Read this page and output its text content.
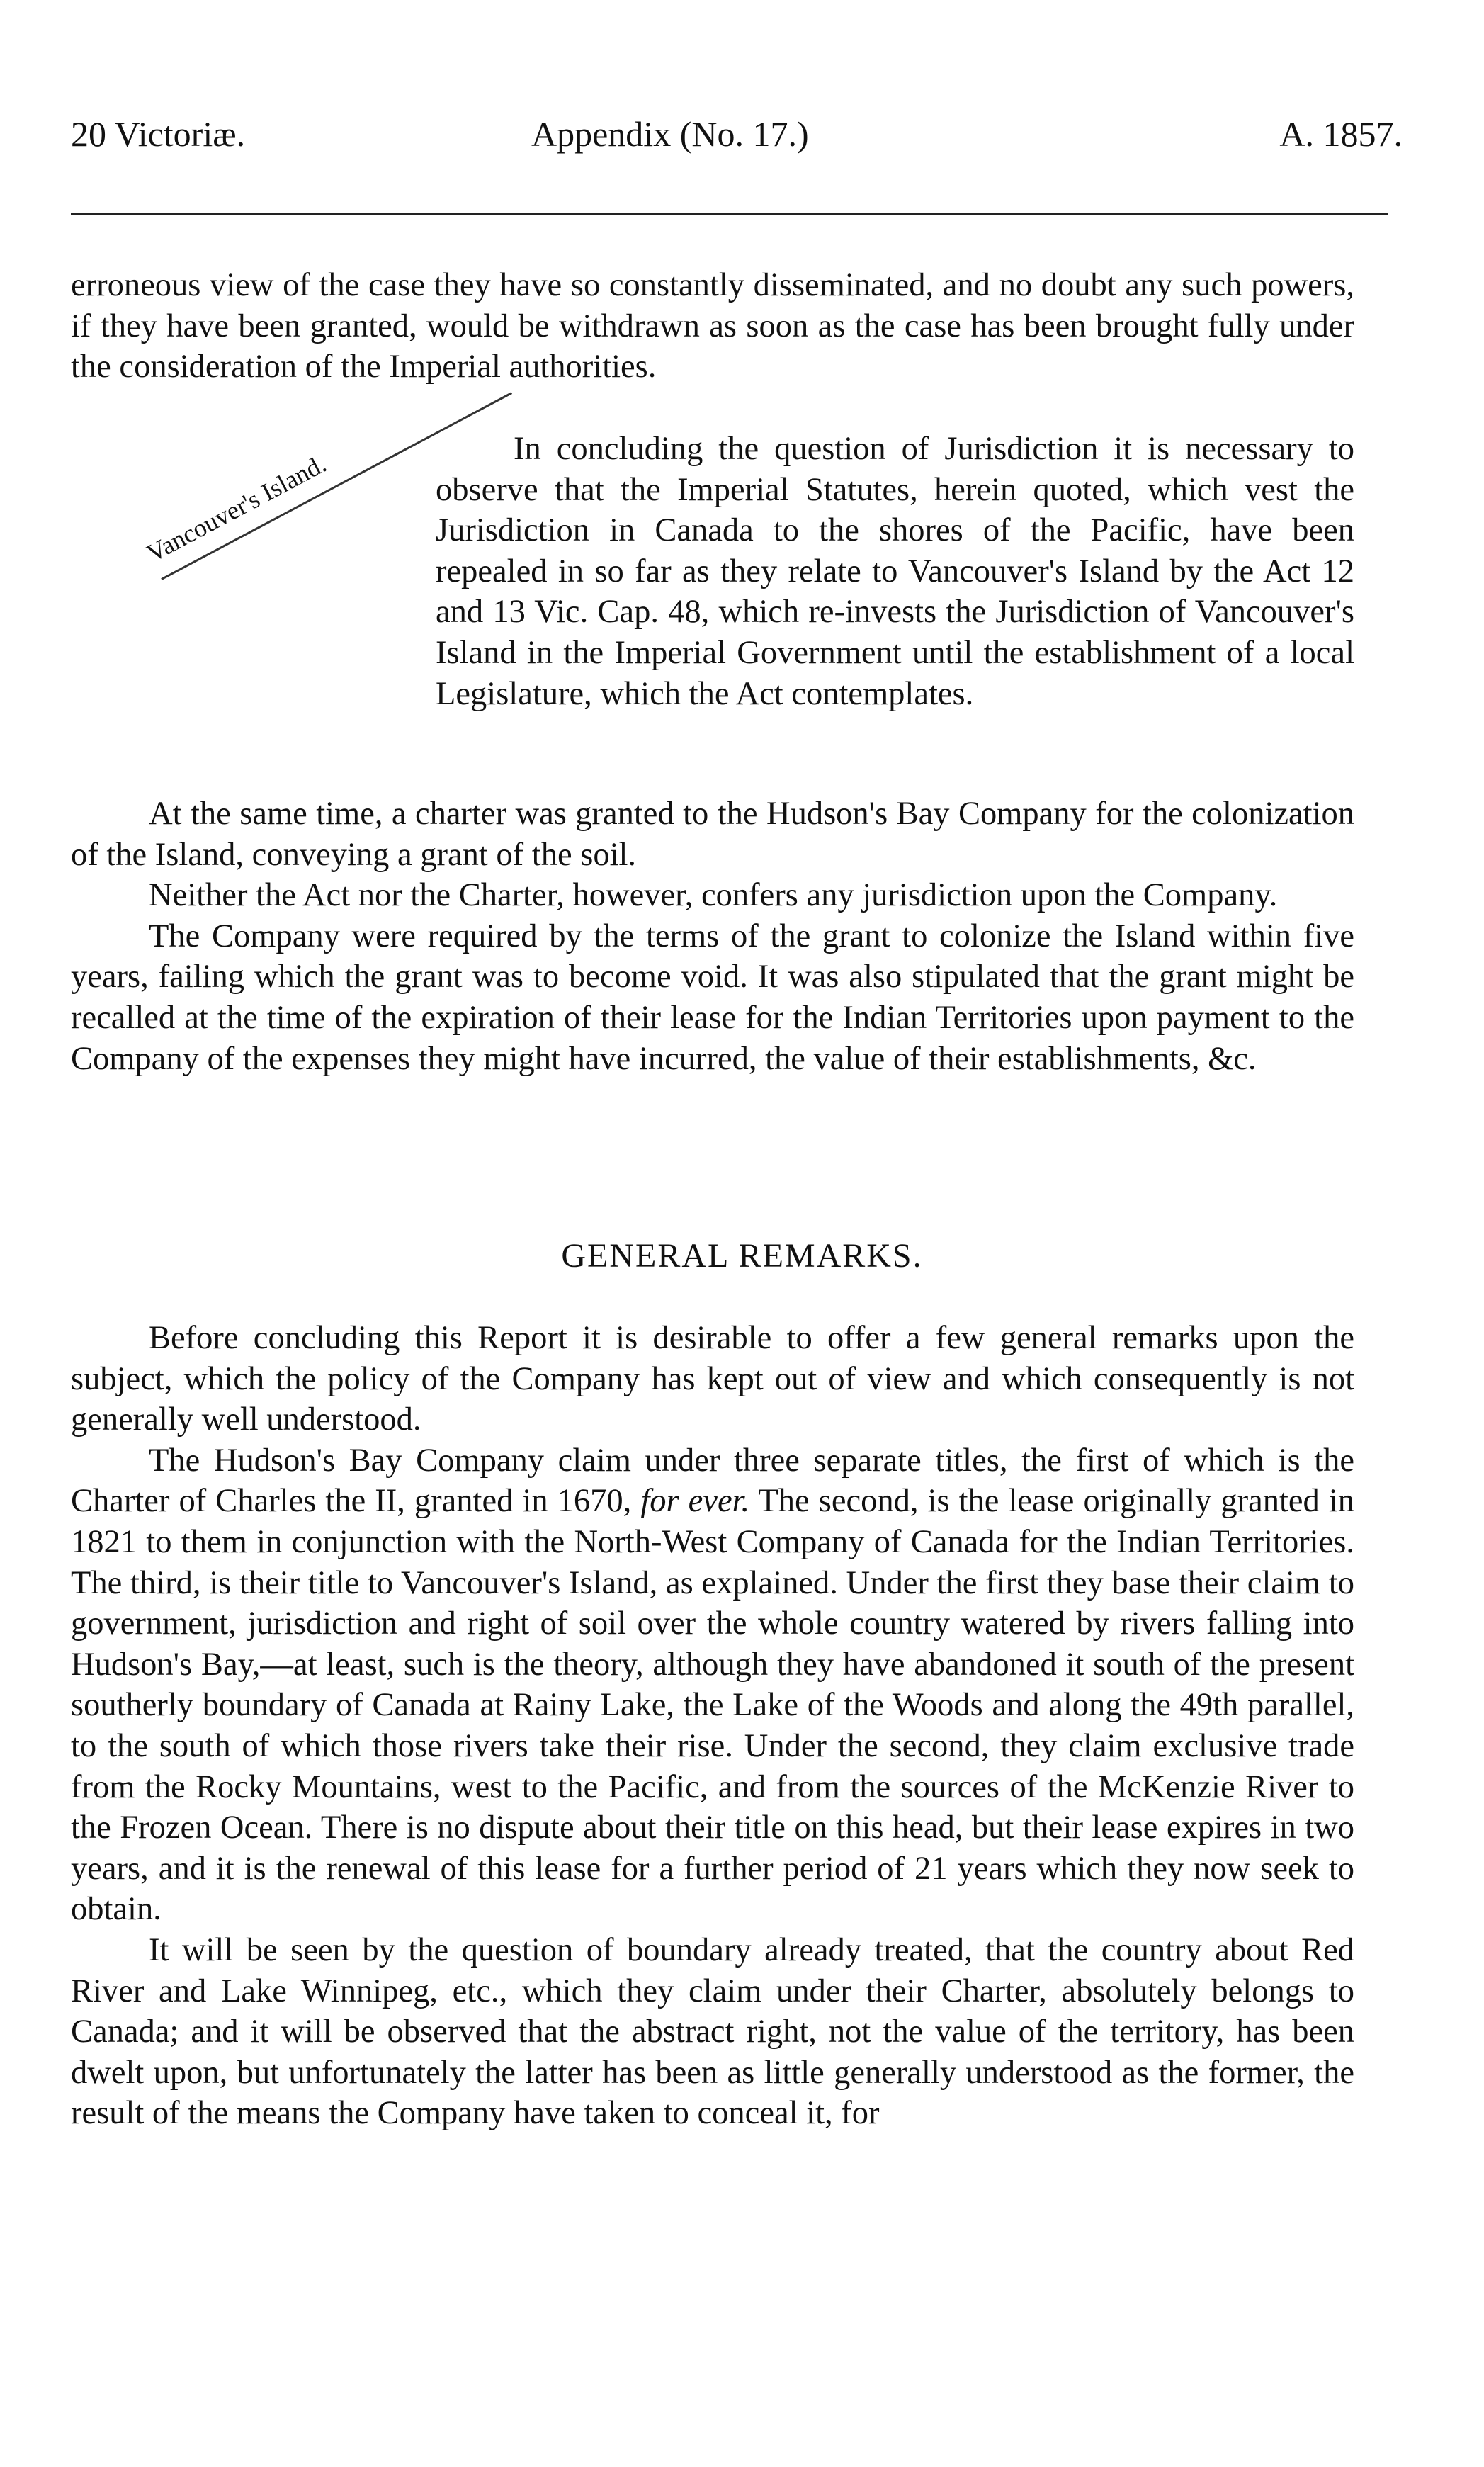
20 Victoriæ.	Appendix (No. 17.)	A. 1857.

erroneous view of the case they have so constantly disseminated, and no doubt any such powers, if they have been granted, would be withdrawn as soon as the case has been brought fully under the consideration of the Imperial authorities.

Vancouver's Island.

In concluding the question of Jurisdiction it is necessary to observe that the Imperial Statutes, herein quoted, which vest the Jurisdiction in Canada to the shores of the Pacific, have been repealed in so far as they relate to Vancouver's Island by the Act 12 and 13 Vic. Cap. 48, which re-invests the Jurisdiction of Vancouver's Island in the Imperial Government until the establishment of a local Legislature, which the Act contemplates.

At the same time, a charter was granted to the Hudson's Bay Company for the colonization of the Island, conveying a grant of the soil.

Neither the Act nor the Charter, however, confers any jurisdiction upon the Company.

The Company were required by the terms of the grant to colonize the Island within five years, failing which the grant was to become void. It was also stipulated that the grant might be recalled at the time of the expiration of their lease for the Indian Territories upon payment to the Company of the expenses they might have incurred, the value of their establishments, &c.

GENERAL REMARKS.

Before concluding this Report it is desirable to offer a few general remarks upon the subject, which the policy of the Company has kept out of view and which consequently is not generally well understood.

The Hudson's Bay Company claim under three separate titles, the first of which is the Charter of Charles the II, granted in 1670, for ever. The second, is the lease originally granted in 1821 to them in conjunction with the North-West Company of Canada for the Indian Territories. The third, is their title to Vancouver's Island, as explained. Under the first they base their claim to government, jurisdiction and right of soil over the whole country watered by rivers falling into Hudson's Bay,—at least, such is the theory, although they have abandoned it south of the present southerly boundary of Canada at Rainy Lake, the Lake of the Woods and along the 49th parallel, to the south of which those rivers take their rise. Under the second, they claim exclusive trade from the Rocky Mountains, west to the Pacific, and from the sources of the McKenzie River to the Frozen Ocean. There is no dispute about their title on this head, but their lease expires in two years, and it is the renewal of this lease for a further period of 21 years which they now seek to obtain.

It will be seen by the question of boundary already treated, that the country about Red River and Lake Winnipeg, etc., which they claim under their Charter, absolutely belongs to Canada; and it will be observed that the abstract right, not the value of the territory, has been dwelt upon, but unfortunately the latter has been as little generally understood as the former, the result of the means the Company have taken to conceal it, for
